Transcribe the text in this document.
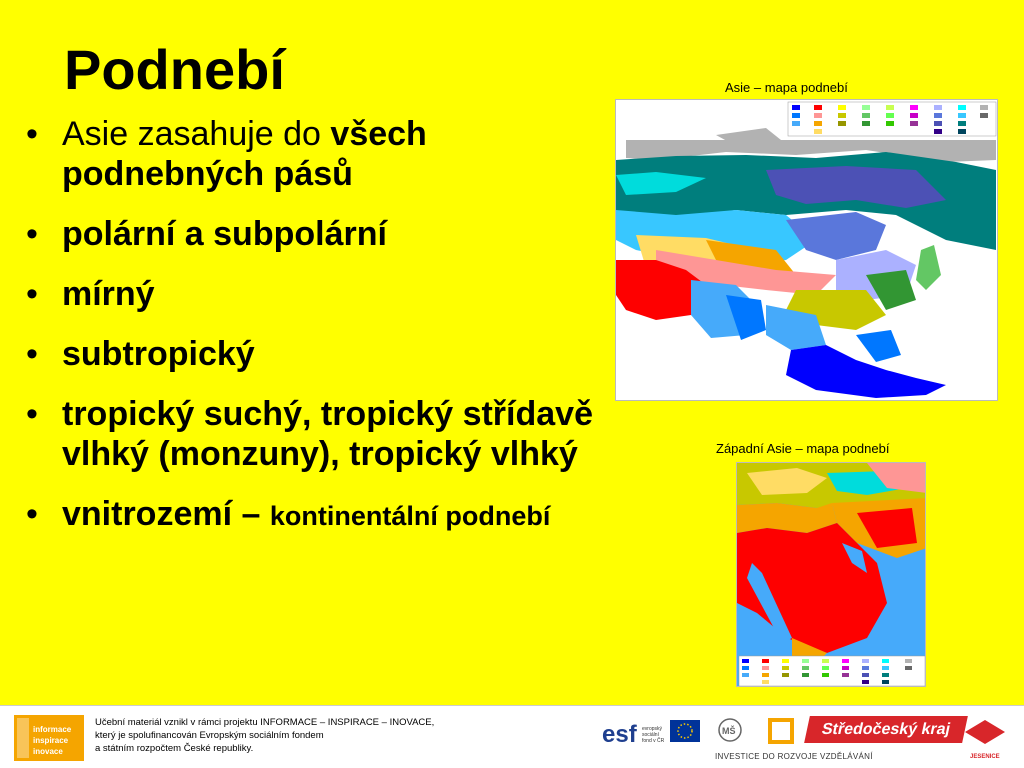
Podnebí
• Asie zasahuje do všech podnebných pásů
• polární a subpolární
• mírný
• subtropický
• tropický suchý, tropický střídavě vlhký (monzuny), tropický vlhký
• vnitrozemí – kontinentální podnebí
Asie – mapa podnebí
Západní Asie – mapa podnebí
informace
inspirace
inovace
Učební materiál vznikl v rámci projektu INFORMACE – INSPIRACE – INOVACE,
který je spolufinancován Evropským sociálním fondem
a státním rozpočtem České republiky.
esf evropský
sociální
fond v ČR
MŠ
JESENICE
Středočeský kraj
INVESTICE DO ROZVOJE VZDĚLÁVÁNÍ
